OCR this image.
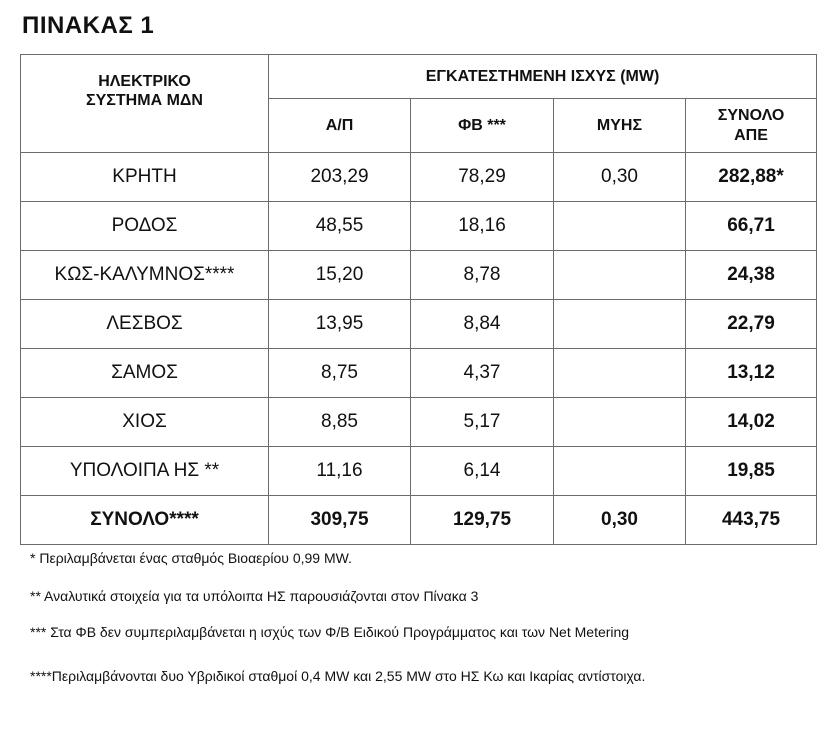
ΠΙΝΑΚΑΣ 1
ΗΛΕΚΤΡΙΚΟ ΣΥΣΤΗΜΑ ΜΔΝ	ΕΓΚΑΤΕΣΤΗΜΕΝΗ ΙΣΧΥΣ (MW)			
	Α/Π	ΦΒ ***	ΜΥΗΣ	ΣΥΝΟΛΟ ΑΠΕ

ΚΡΗΤΗ	203,29	78,29	0,30	282,88*
ΡΟΔΟΣ	48,55	18,16		66,71
ΚΩΣ-ΚΑΛΥΜΝΟΣ****	15,20	8,78		24,38
ΛΕΣΒΟΣ	13,95	8,84		22,79
ΣΑΜΟΣ	8,75	4,37		13,12
ΧΙΟΣ	8,85	5,17		14,02
ΥΠΟΛΟΙΠΑ ΗΣ **	11,16	6,14		19,85
ΣΥΝΟΛΟ****	309,75	129,75	0,30	443,75
* Περιλαμβάνεται ένας σταθμός Βιοαερίου 0,99 MW.
** Αναλυτικά στοιχεία για τα υπόλοιπα ΗΣ παρουσιάζονται στον Πίνακα 3
*** Στα ΦΒ δεν συμπεριλαμβάνεται η ισχύς των Φ/Β Ειδικού Προγράμματος και των Net Metering
****Περιλαμβάνονται δυο Υβριδικοί σταθμοί 0,4 MW και 2,55 MW στο ΗΣ Κω και Ικαρίας αντίστοιχα.
